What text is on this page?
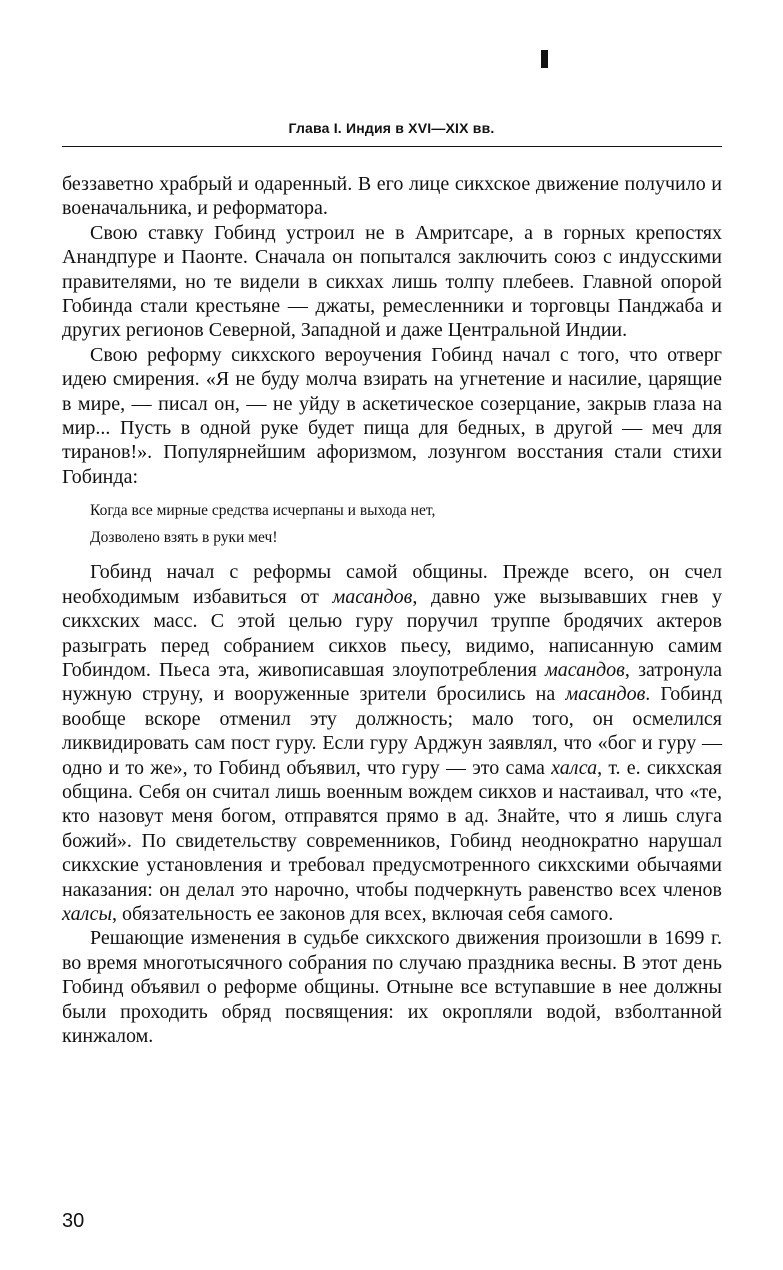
Глава I. Индия в XVI—XIX вв.

беззаветно храбрый и одаренный. В его лице сикхское движение получило и военачальника, и реформатора.

Свою ставку Гобинд устроил не в Амритсаре, а в горных крепостях Анандпуре и Паонте. Сначала он попытался заключить союз с индусскими правителями, но те видели в сикхах лишь толпу плебеев. Главной опорой Гобинда стали крестьяне — джаты, ремесленники и торговцы Панджаба и других регионов Северной, Западной и даже Центральной Индии.

Свою реформу сикхского вероучения Гобинд начал с того, что отверг идею смирения. «Я не буду молча взирать на угнетение и насилие, царящие в мире, — писал он, — не уйду в аскетическое созерцание, закрыв глаза на мир... Пусть в одной руке будет пища для бедных, в другой — меч для тиранов!». Популярнейшим афоризмом, лозунгом восстания стали стихи Гобинда:

Когда все мирные средства исчерпаны и выхода нет,
Дозволено взять в руки меч!

Гобинд начал с реформы самой общины. Прежде всего, он счел необходимым избавиться от масандов, давно уже вызывавших гнев у сикхских масс. С этой целью гуру поручил труппе бродячих актеров разыграть перед собранием сикхов пьесу, видимо, написанную самим Гобиндом. Пьеса эта, живописавшая злоупотребления масандов, затронула нужную струну, и вооруженные зрители бросились на масандов. Гобинд вообще вскоре отменил эту должность; мало того, он осмелился ликвидировать сам пост гуру. Если гуру Арджун заявлял, что «бог и гуру — одно и то же», то Гобинд объявил, что гуру — это сама халса, т. е. сикхская община. Себя он считал лишь военным вождем сикхов и настаивал, что «те, кто назовут меня богом, отправятся прямо в ад. Знайте, что я лишь слуга божий». По свидетельству современников, Гобинд неоднократно нарушал сикхские установления и требовал предусмотренного сикхскими обычаями наказания: он делал это нарочно, чтобы подчеркнуть равенство всех членов халсы, обязательность ее законов для всех, включая себя самого.

Решающие изменения в судьбе сикхского движения произошли в 1699 г. во время многотысячного собрания по случаю праздника весны. В этот день Гобинд объявил о реформе общины. Отныне все вступавшие в нее должны были проходить обряд посвящения: их окропляли водой, взболтанной кинжалом.

30
